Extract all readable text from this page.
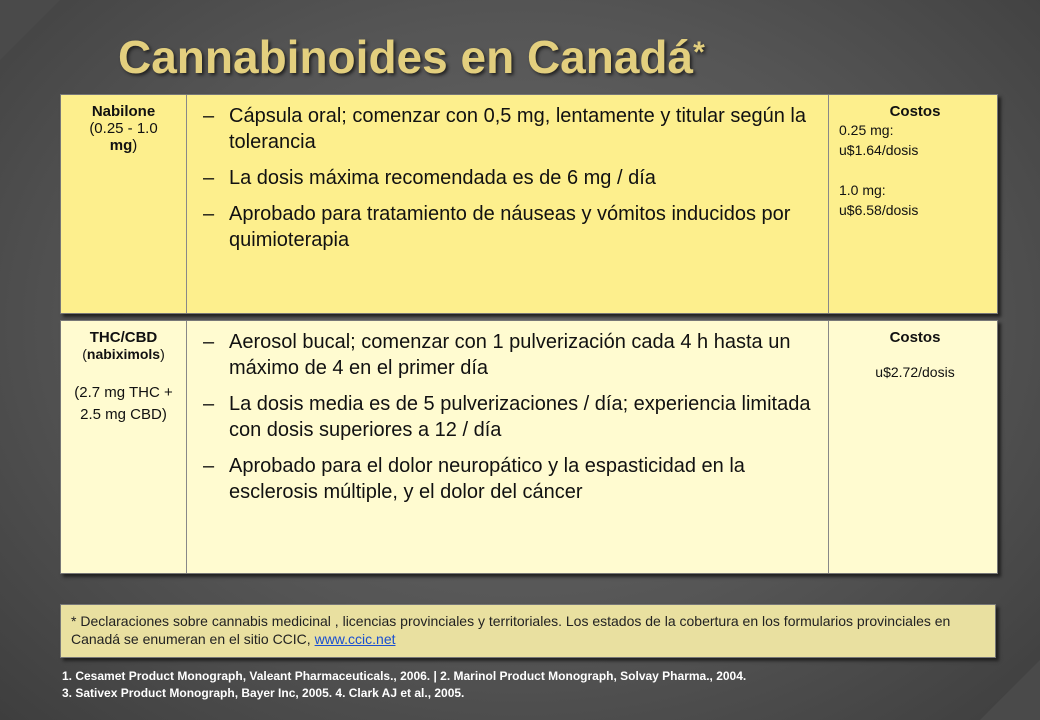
Cannabinoides en Canadá*
Nabilone
(0.25 - 1.0
mg)
– Cápsula oral; comenzar con 0,5 mg, lentamente y titular según la tolerancia
– La dosis máxima recomendada es de 6 mg / día
– Aprobado para tratamiento de náuseas y vómitos inducidos por quimioterapia
Costos
0.25 mg:
u$1.64/dosis
1.0 mg:
u$6.58/dosis
THC/CBD
(nabiximols)
(2.7 mg THC + 2.5 mg CBD)
– Aerosol bucal; comenzar con 1 pulverización cada 4 h hasta un máximo de 4 en el primer día
– La dosis media es de 5 pulverizaciones / día; experiencia limitada con dosis superiores a 12 / día
– Aprobado para el dolor neuropático y la espasticidad en la esclerosis múltiple, y el dolor del cáncer
Costos
u$2.72/dosis
* Declaraciones sobre cannabis medicinal , licencias provinciales y territoriales. Los estados de la cobertura en los formularios provinciales en Canadá se enumeran en el sitio CCIC, www.ccic.net
1. Cesamet Product Monograph, Valeant Pharmaceuticals., 2006. | 2. Marinol Product Monograph, Solvay Pharma., 2004.
3. Sativex Product Monograph, Bayer Inc, 2005. 4. Clark AJ et al., 2005.
